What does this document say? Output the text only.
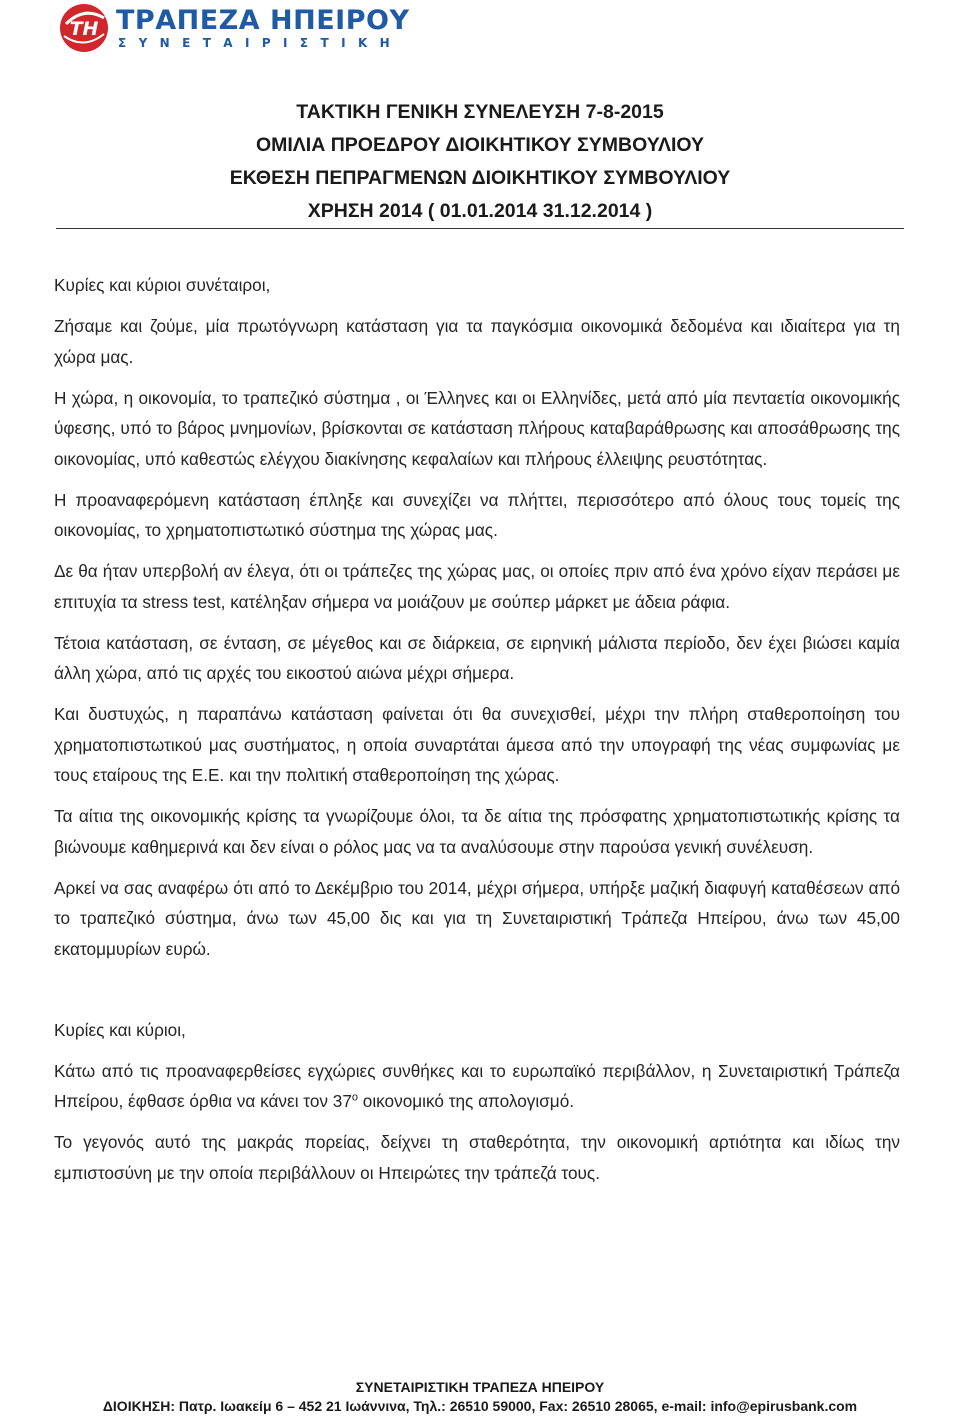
TH ΤΡΑΠΕΖΑ ΗΠΕΙΡΟΥ
ΣΥΝΕΤΑΙΡΙΣΤΙΚΗ
ΤΑΚΤΙΚΗ ΓΕΝΙΚΗ ΣΥΝΕΛΕΥΣΗ 7-8-2015
ΟΜΙΛΙΑ ΠΡΟΕΔΡΟΥ ΔΙΟΙΚΗΤΙΚΟΥ ΣΥΜΒΟΥΛΙΟΥ
ΕΚΘΕΣΗ ΠΕΠΡΑΓΜΕΝΩΝ ΔΙΟΙΚΗΤΙΚΟΥ ΣΥΜΒΟΥΛΙΟΥ
ΧΡΗΣΗ 2014 ( 01.01.2014 31.12.2014 )

Κυρίες και κύριοι συνέταιροι,

Ζήσαμε και ζούμε, μία πρωτόγνωρη κατάσταση για τα παγκόσμια οικονομικά δεδομένα και ιδιαίτερα για τη χώρα μας.

Η χώρα, η οικονομία, το τραπεζικό σύστημα , οι Έλληνες και οι Ελληνίδες, μετά από μία πενταετία οικονομικής ύφεσης, υπό το βάρος μνημονίων, βρίσκονται σε κατάσταση πλήρους καταβαράθρωσης και αποσάθρωσης της οικονομίας, υπό καθεστώς ελέγχου διακίνησης κεφαλαίων και πλήρους έλλειψης ρευστότητας.

Η προαναφερόμενη κατάσταση έπληξε και συνεχίζει να πλήττει, περισσότερο από όλους τους τομείς της οικονομίας, το χρηματοπιστωτικό σύστημα της χώρας μας.

Δε θα ήταν υπερβολή αν έλεγα, ότι οι τράπεζες της χώρας μας, οι οποίες πριν από ένα χρόνο είχαν περάσει με επιτυχία τα stress test, κατέληξαν σήμερα να μοιάζουν με σούπερ μάρκετ με άδεια ράφια.

Τέτοια κατάσταση, σε ένταση, σε μέγεθος και σε διάρκεια, σε ειρηνική μάλιστα περίοδο, δεν έχει βιώσει καμία άλλη χώρα, από τις αρχές του εικοστού αιώνα μέχρι σήμερα.

Και δυστυχώς, η παραπάνω κατάσταση φαίνεται ότι θα συνεχισθεί, μέχρι την πλήρη σταθεροποίηση του χρηματοπιστωτικού μας συστήματος, η οποία συναρτάται άμεσα από την υπογραφή της νέας συμφωνίας με τους εταίρους της Ε.Ε. και την πολιτική σταθεροποίηση της χώρας.

Τα αίτια της οικονομικής κρίσης τα γνωρίζουμε όλοι, τα δε αίτια της πρόσφατης χρηματοπιστωτικής κρίσης τα βιώνουμε καθημερινά και δεν είναι ο ρόλος μας να τα αναλύσουμε στην παρούσα γενική συνέλευση.

Αρκεί να σας αναφέρω ότι από το Δεκέμβριο του 2014, μέχρι σήμερα, υπήρξε μαζική διαφυγή καταθέσεων από το τραπεζικό σύστημα, άνω των 45,00 δις και για τη Συνεταιριστική Τράπεζα Ηπείρου, άνω των 45,00 εκατομμυρίων ευρώ.

Κυρίες και κύριοι,

Κάτω από τις προαναφερθείσες εγχώριες συνθήκες και το ευρωπαϊκό περιβάλλον, η Συνεταιριστική Τράπεζα Ηπείρου, έφθασε όρθια να κάνει τον $37^o$ οικονομικό της απολογισμό.

Το γεγονός αυτό της μακράς πορείας, δείχνει τη σταθερότητα, την οικονομική αρτιότητα και ιδίως την εμπιστοσύνη με την οποία περιβάλλουν οι Ηπειρώτες την τράπεζά τους.

ΣΥΝΕΤΑΙΡΙΣΤΙΚΗ ΤΡΑΠΕΖΑ ΗΠΕΙΡΟΥ
ΔΙΟΙΚΗΣΗ: Πατρ. Ιωακείμ 6 – 452 21 Ιωάννινα, Τηλ.: 26510 59000, Fax: 26510 28065, e-mail: info@epirusbank.com
